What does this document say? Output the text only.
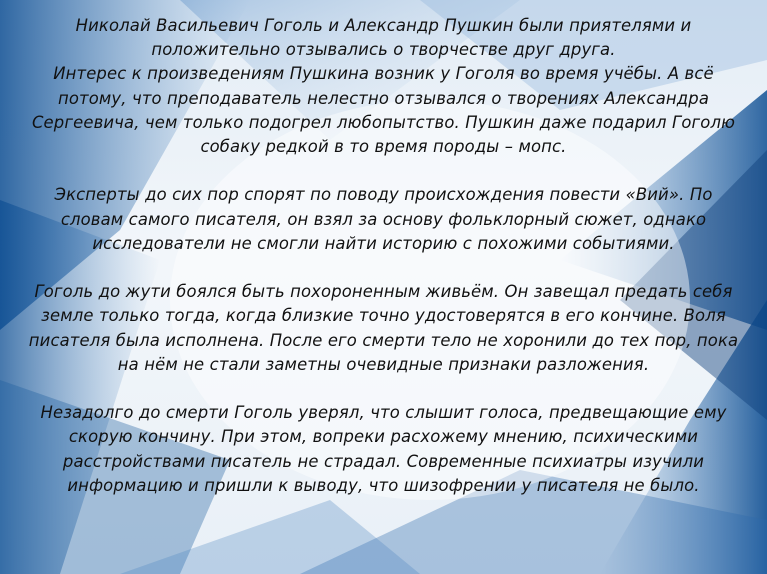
Николай Васильевич Гоголь и Александр Пушкин были приятелями и
положительно отзывались о творчестве друг друга.
Интерес к произведениям Пушкина возник у Гоголя во время учёбы. А всё
потому, что преподаватель нелестно отзывался о творениях Александра
Сергеевича, чем только подогрел любопытство. Пушкин даже подарил Гоголю
собаку редкой в то время породы – мопс.
Эксперты до сих пор спорят по поводу происхождения повести «Вий». По
словам самого писателя, он взял за основу фольклорный сюжет, однако
исследователи не смогли найти историю с похожими событиями.
Гоголь до жути боялся быть похороненным живьём. Он завещал предать себя
земле только тогда, когда близкие точно удостоверятся в его кончине. Воля
писателя была исполнена. После его смерти тело не хоронили до тех пор, пока
на нём не стали заметны очевидные признаки разложения.
Незадолго до смерти Гоголь уверял, что слышит голоса, предвещающие ему
скорую кончину. При этом, вопреки расхожему мнению, психическими
расстройствами писатель не страдал. Современные психиатры изучили
информацию и пришли к выводу, что шизофрении у писателя не было.
